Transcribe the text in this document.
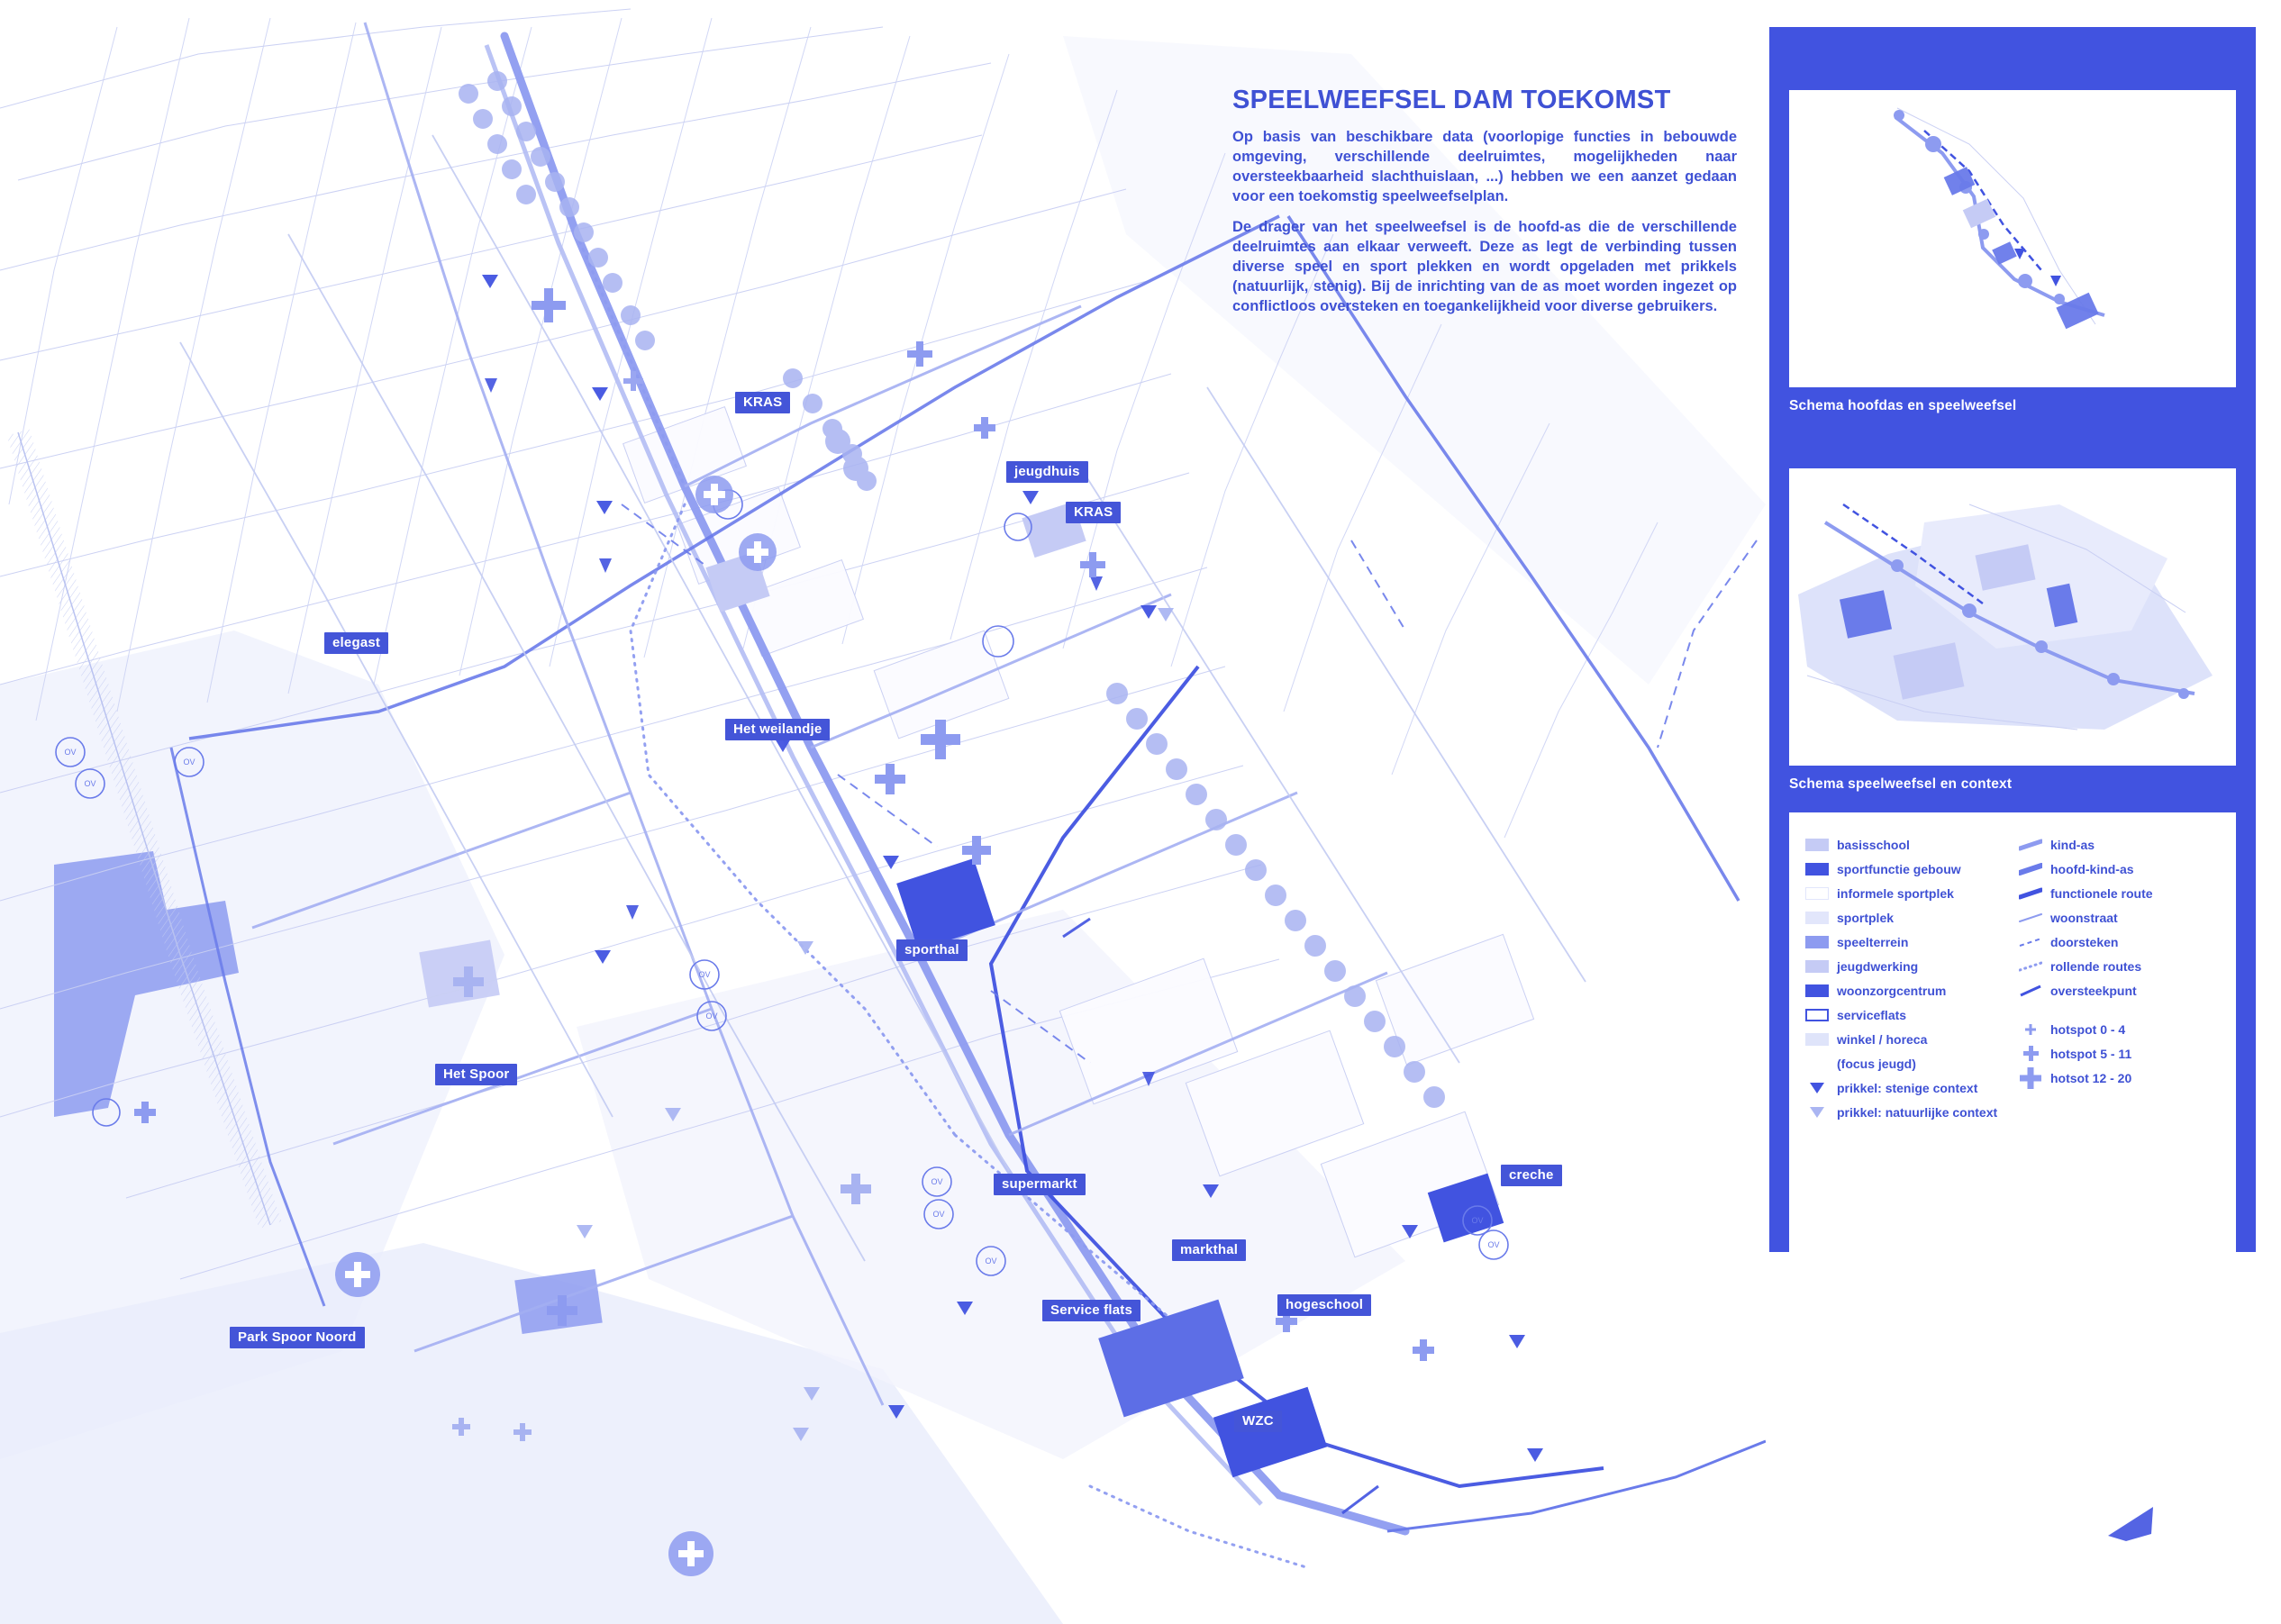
OV
OV
OV
OV
OV
OV
OV
OV
OV
OV
KRAS
jeugdhuis
KRAS
elegast
Het weilandje
sporthal
Het Spoor
supermarkt
creche
markthal
Service flats	hogeschool
Park Spoor Noord
WZC
SPEELWEEFSEL DAM TOEKOMST

Op basis van beschikbare data (voorlopige functies in bebouwde omgeving, verschillende deelruimtes, mogelijkheden naar oversteekbaarheid slachthuislaan, ...) hebben we een aanzet gedaan voor een toekomstig speelweefselplan.

De drager van het speelweefsel is de hoofd-as die de verschillende deelruimtes aan elkaar verweeft. Deze as legt de verbinding tussen diverse speel en sport plekken en wordt opgeladen met prikkels (natuurlijk, stenig). Bij de inrichting van de as moet worden ingezet op conflictloos oversteken en toegankelijkheid voor diverse gebruikers.

Schema hoofdas en speelweefsel
Schema speelweefsel en context
basisschool
sportfunctie gebouw
informele sportplek
sportplek
speelterrein
jeugdwerking
woonzorgcentrum
serviceflats
winkel / horeca
(focus jeugd)
prikkel: stenige context
prikkel: natuurlijke context
kind-as
hoofd-kind-as
functionele route
woonstraat
doorsteken
rollende routes
oversteekpunt
hotspot 0 - 4
hotspot 5 - 11
hotsot 12 - 20
